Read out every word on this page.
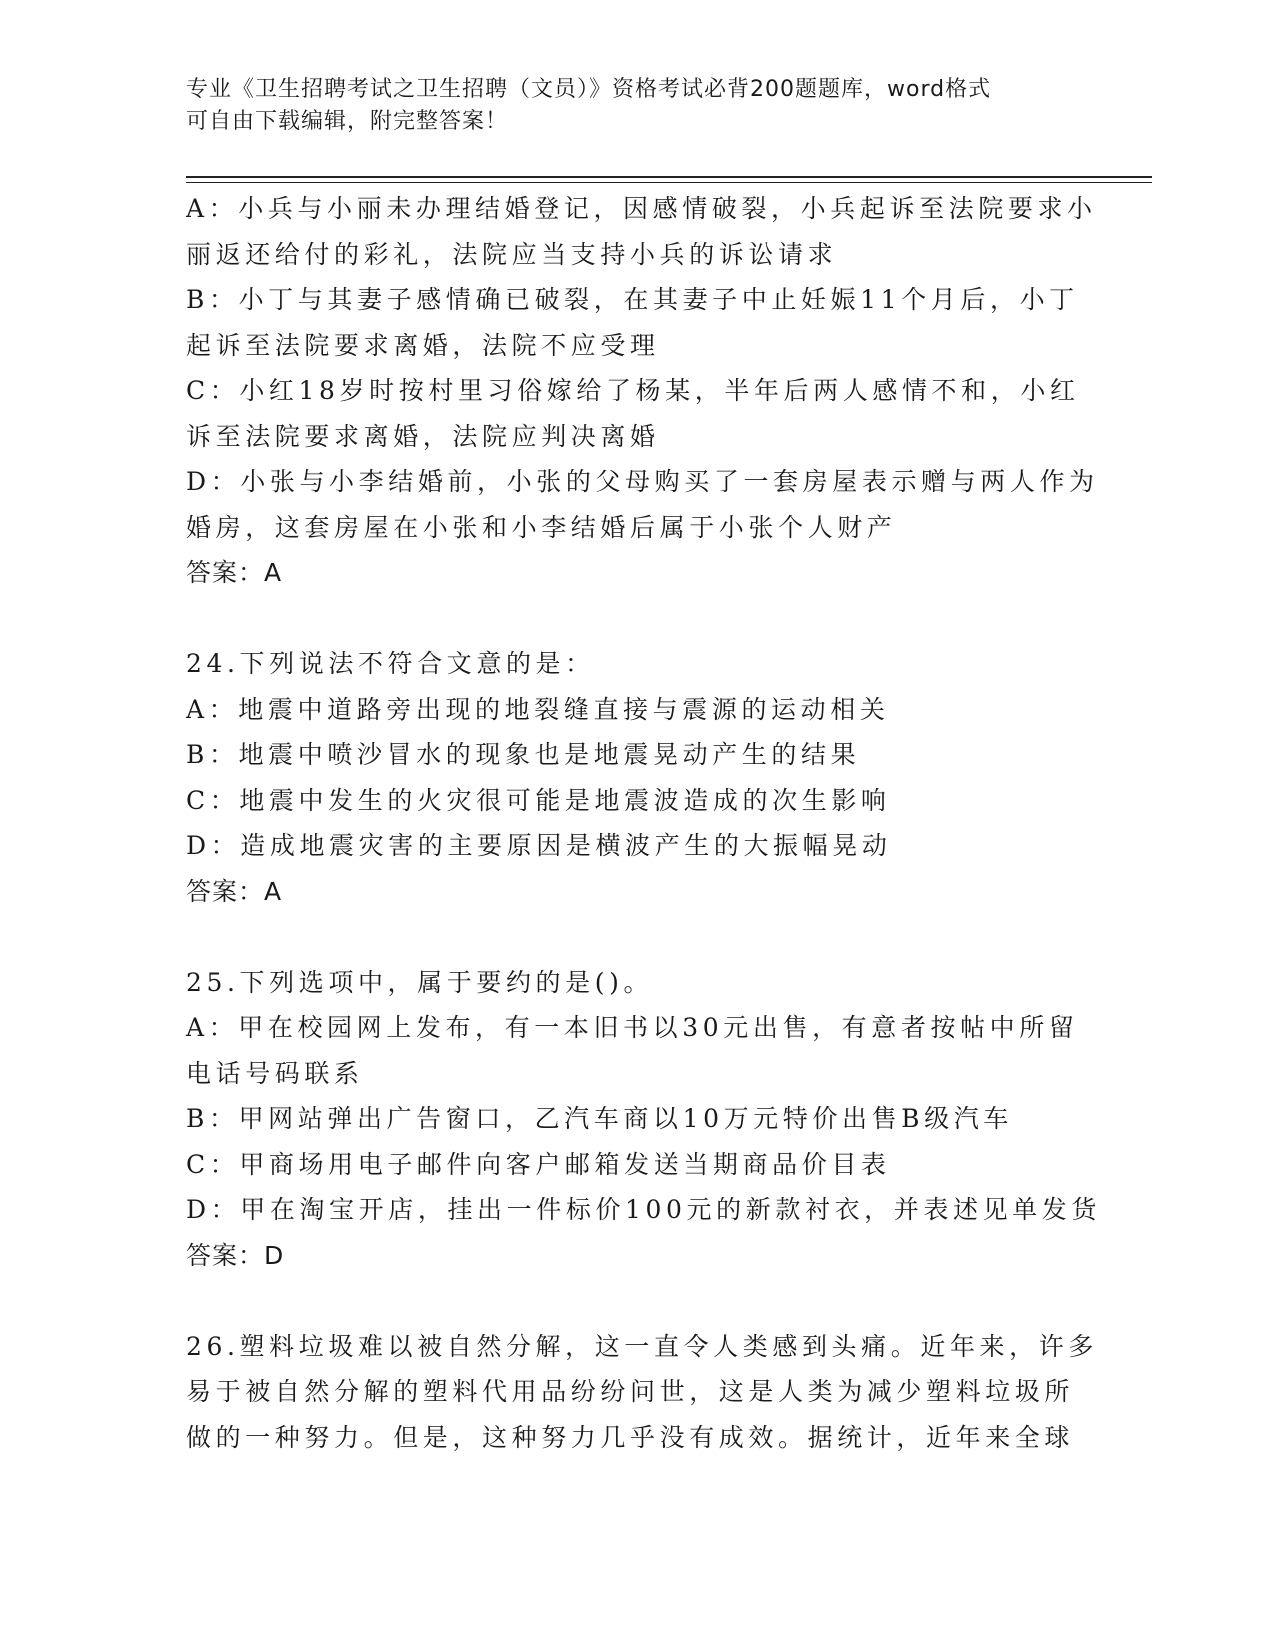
专业《卫生招聘考试之卫生招聘（文员）》资格考试必背200题题库，word格式
可自由下载编辑，附完整答案！
A：小兵与小丽未办理结婚登记，因感情破裂，小兵起诉至法院要求小
丽返还给付的彩礼，法院应当支持小兵的诉讼请求
B：小丁与其妻子感情确已破裂，在其妻子中止妊娠11个月后，小丁
起诉至法院要求离婚，法院不应受理
C：小红18岁时按村里习俗嫁给了杨某，半年后两人感情不和，小红
诉至法院要求离婚，法院应判决离婚
D：小张与小李结婚前，小张的父母购买了一套房屋表示赠与两人作为
婚房，这套房屋在小张和小李结婚后属于小张个人财产
答案：A
24.下列说法不符合文意的是：
A：地震中道路旁出现的地裂缝直接与震源的运动相关
B：地震中喷沙冒水的现象也是地震晃动产生的结果
C：地震中发生的火灾很可能是地震波造成的次生影响
D：造成地震灾害的主要原因是横波产生的大振幅晃动
答案：A
25.下列选项中，属于要约的是()。
A：甲在校园网上发布，有一本旧书以30元出售，有意者按帖中所留
电话号码联系
B：甲网站弹出广告窗口，乙汽车商以10万元特价出售B级汽车
C：甲商场用电子邮件向客户邮箱发送当期商品价目表
D：甲在淘宝开店，挂出一件标价100元的新款衬衣，并表述见单发货
答案：D
26.塑料垃圾难以被自然分解，这一直令人类感到头痛。近年来，许多
易于被自然分解的塑料代用品纷纷问世，这是人类为减少塑料垃圾所
做的一种努力。但是，这种努力几乎没有成效。据统计，近年来全球
